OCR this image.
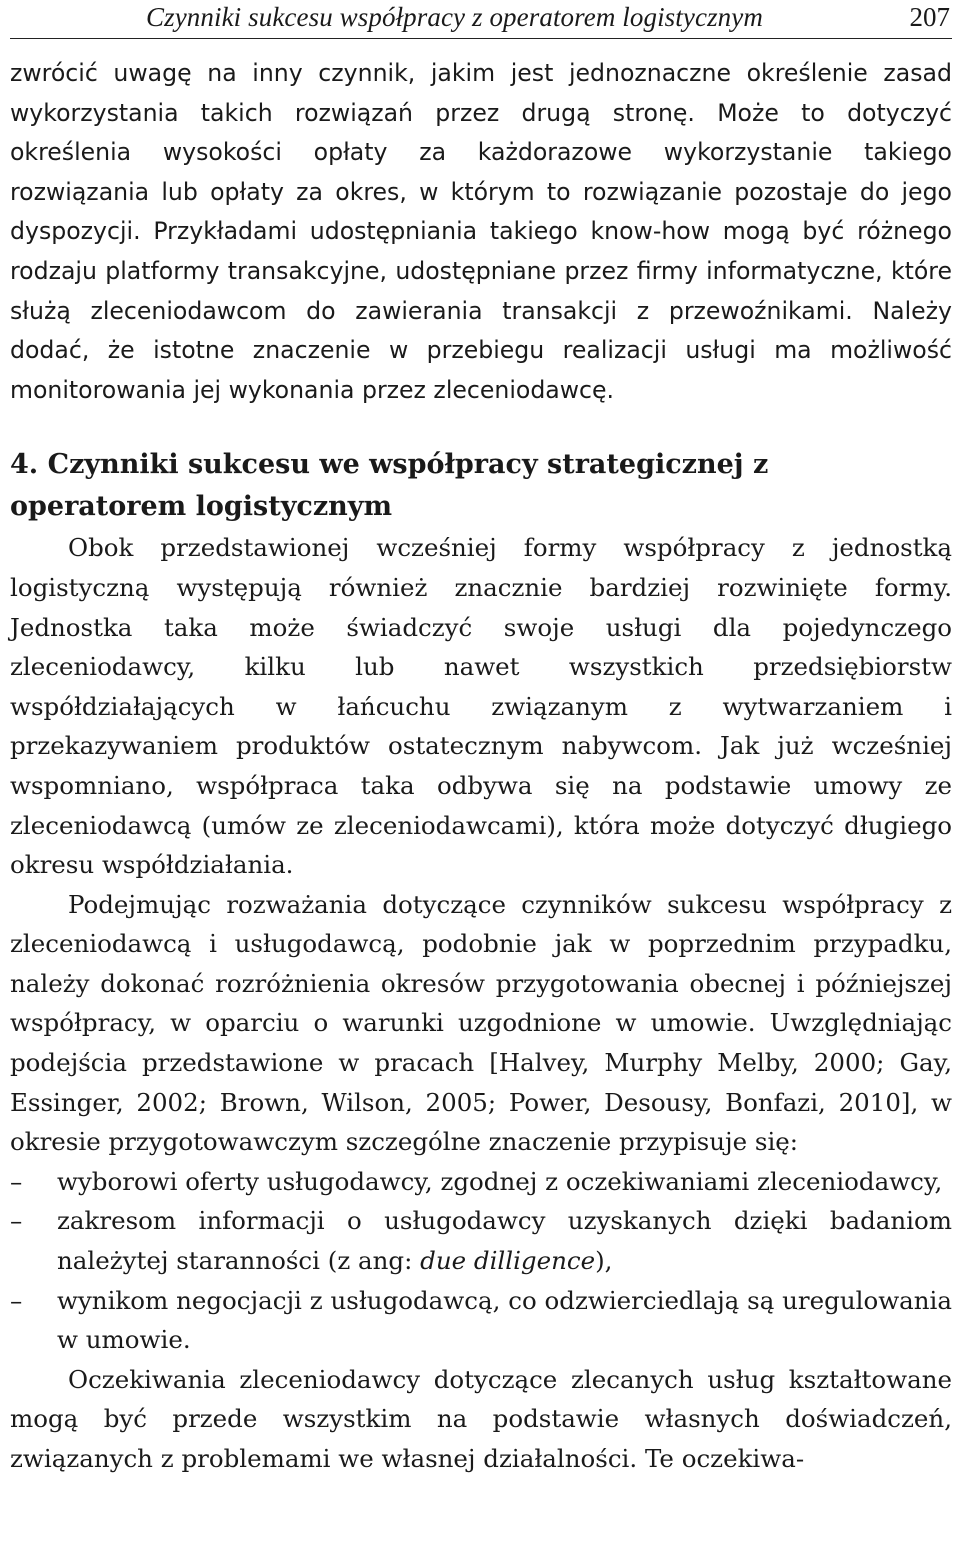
Czynniki sukcesu współpracy z operatorem logistycznym	207

zwrócić uwagę na inny czynnik, jakim jest jednoznaczne określenie zasad wykorzystania takich rozwiązań przez drugą stronę. Może to dotyczyć określenia wysokości opłaty za każdorazowe wykorzystanie takiego rozwiązania lub opłaty za okres, w którym to rozwiązanie pozostaje do jego dyspozycji. Przykładami udostępniania takiego know-how mogą być różnego rodzaju platformy transakcyjne, udostępniane przez firmy informatyczne, które służą zleceniodawcom do zawierania transakcji z przewoźnikami. Należy dodać, że istotne znaczenie w przebiegu realizacji usługi ma możliwość monitorowania jej wykonania przez zleceniodawcę.

4. Czynniki sukcesu we współpracy strategicznej z operatorem logistycznym

Obok przedstawionej wcześniej formy współpracy z jednostką logistyczną występują również znacznie bardziej rozwinięte formy. Jednostka taka może świadczyć swoje usługi dla pojedynczego zleceniodawcy, kilku lub nawet wszystkich przedsiębiorstw współdziałających w łańcuchu związanym z wytwarzaniem i przekazywaniem produktów ostatecznym nabywcom. Jak już wcześniej wspomniano, współpraca taka odbywa się na podstawie umowy ze zleceniodawcą (umów ze zleceniodawcami), która może dotyczyć długiego okresu współdziałania.

Podejmując rozważania dotyczące czynników sukcesu współpracy z zleceniodawcą i usługodawcą, podobnie jak w poprzednim przypadku, należy dokonać rozróżnienia okresów przygotowania obecnej i późniejszej współpracy, w oparciu o warunki uzgodnione w umowie. Uwzględniając podejścia przedstawione w pracach [Halvey, Murphy Melby, 2000; Gay, Essinger, 2002; Brown, Wilson, 2005; Power, Desousy, Bonfazi, 2010], w okresie przygotowawczym szczególne znaczenie przypisuje się:

–	wyborowi oferty usługodawcy, zgodnej z oczekiwaniami zleceniodawcy,
–	zakresom informacji o usługodawcy uzyskanych dzięki badaniom należytej staranności (z ang: due dilligence),
–	wynikom negocjacji z usługodawcą, co odzwierciedlają są uregulowania w umowie.

Oczekiwania zleceniodawcy dotyczące zlecanych usług kształtowane mogą być przede wszystkim na podstawie własnych doświadczeń, związanych z problemami we własnej działalności. Te oczekiwa-
